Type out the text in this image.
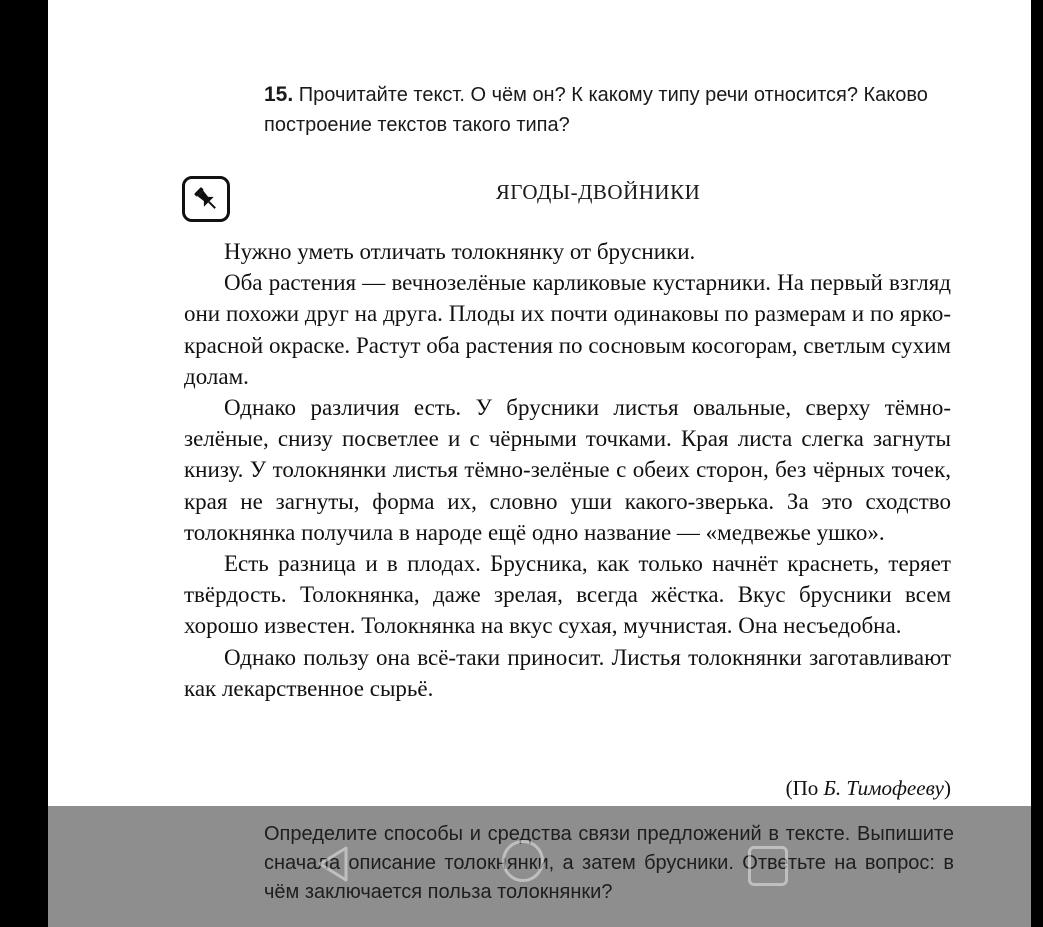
15. Прочитайте текст. О чём он? К какому типу речи относится? Каково построение текстов такого типа?
ЯГОДЫ-ДВОЙНИКИ

Нужно уметь отличать толокнянку от брусники.

Оба растения — вечнозелёные карликовые кустарники. На первый взгляд они похожи друг на друга. Плоды их почти одинаковы по размерам и по ярко-красной окраске. Растут оба растения по сосновым косогорам, светлым сухим долам.

Однако различия есть. У брусники листья овальные, сверху тёмно-зелёные, снизу посветлее и с чёрными точками. Края листа слегка загнуты книзу. У толокнянки листья тёмно-зелёные с обеих сторон, без чёрных точек, края не загнуты, форма их, словно уши какого-зверька. За это сходство толокнянка получила в народе ещё одно название — «медвежье ушко».

Есть разница и в плодах. Брусника, как только начнёт краснеть, теряет твёрдость. Толокнянка, даже зрелая, всегда жёстка. Вкус брусники всем хорошо известен. Толокнянка на вкус сухая, мучнистая. Она несъедобна.

Однако пользу она всё-таки приносит. Листья толокнянки заготавливают как лекарственное сырьё.

(По Б. Тимофееву)
Определите способы и средства связи предложений в тексте. Выпишите сначала описание толокнянки, а затем брусники. Ответьте на вопрос: в чём заключается польза толокнянки?
